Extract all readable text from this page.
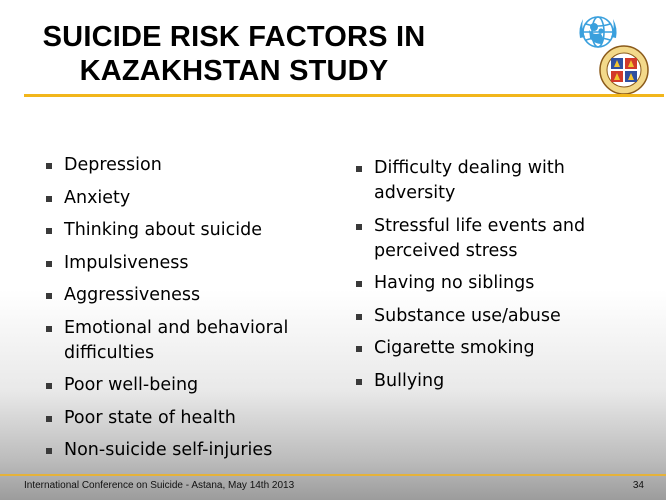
SUICIDE RISK FACTORS IN
KAZAKHSTAN STUDY
Depression
Anxiety
Thinking about suicide
Impulsiveness
Aggressiveness
Emotional and behavioral difficulties
Poor well-being
Poor state of health
Non-suicide self-injuries
Difficulty dealing with adversity
Stressful life events and perceived stress
Having no siblings
Substance use/abuse
Cigarette smoking
Bullying
International Conference on Suicide - Astana, May 14th 2013	34
